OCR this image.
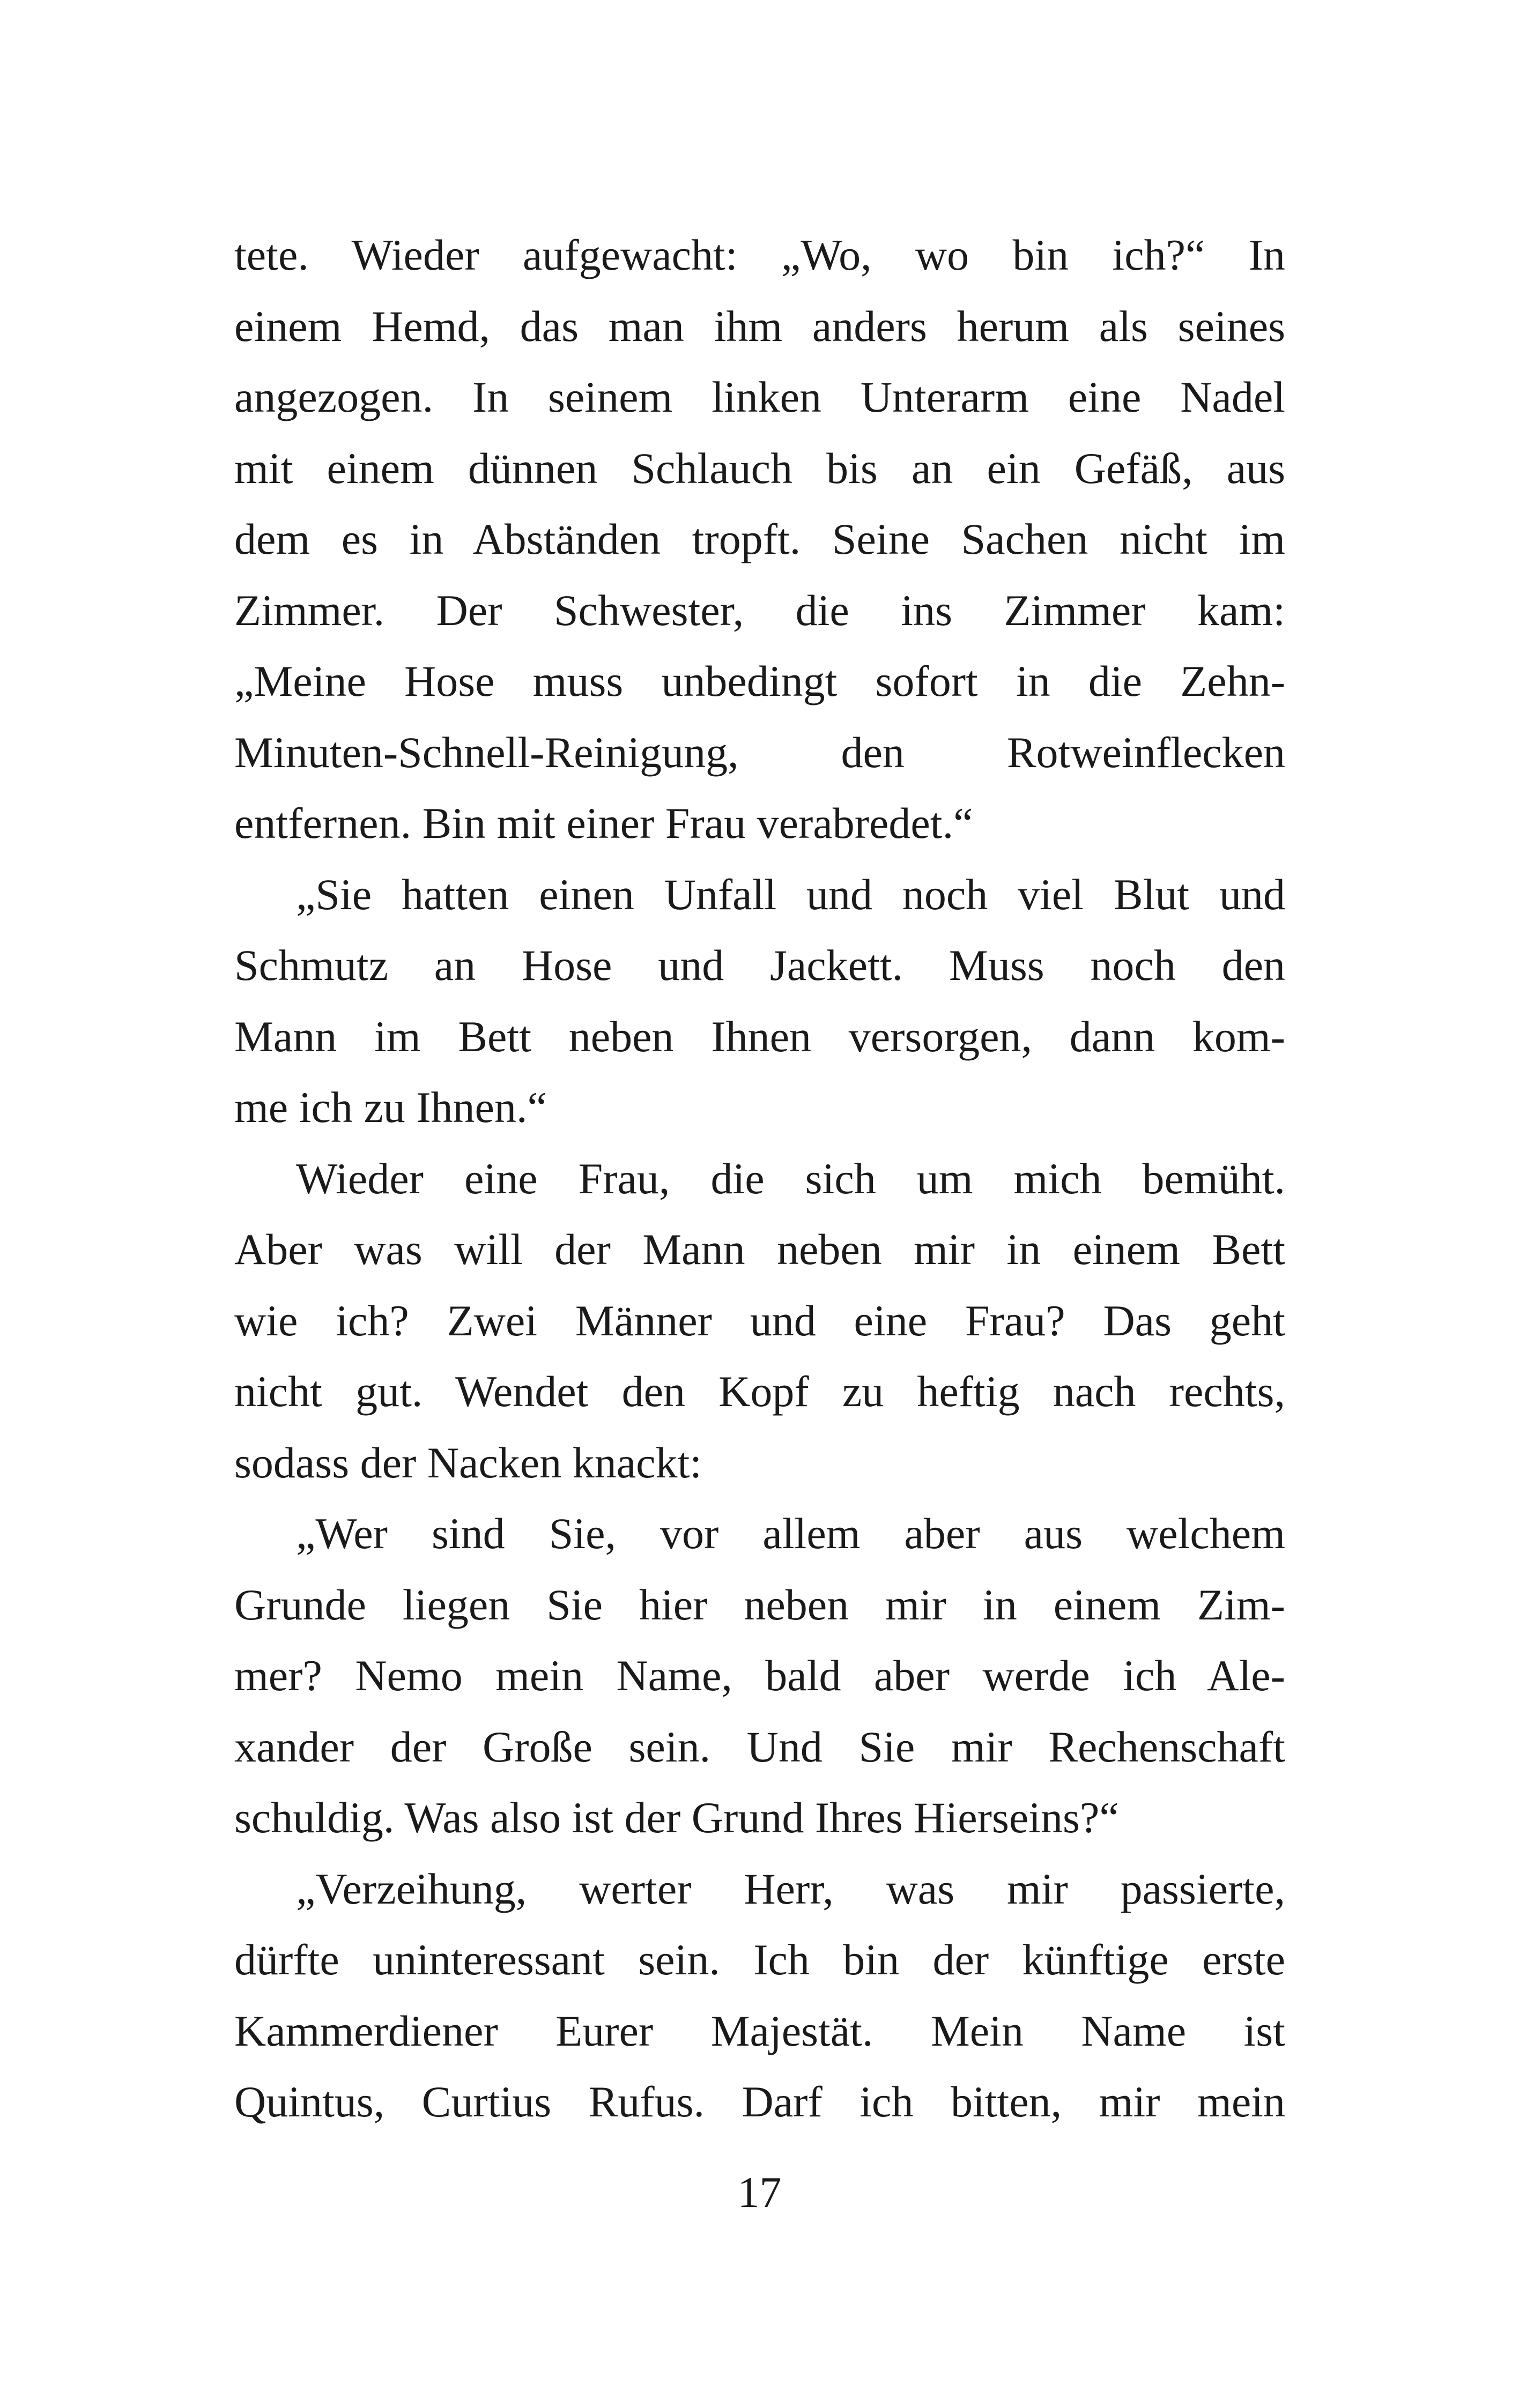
tete. Wieder aufgewacht: „Wo, wo bin ich?“ In
einem Hemd, das man ihm anders herum als seines
angezogen. In seinem linken Unterarm eine Nadel
mit einem dünnen Schlauch bis an ein Gefäß, aus
dem es in Abständen tropft. Seine Sachen nicht im
Zimmer. Der Schwester, die ins Zimmer kam:
„Meine Hose muss unbedingt sofort in die Zehn-
Minuten-Schnell-Reinigung, den Rotweinflecken
entfernen. Bin mit einer Frau verabredet.“
„Sie hatten einen Unfall und noch viel Blut und
Schmutz an Hose und Jackett. Muss noch den
Mann im Bett neben Ihnen versorgen, dann kom-
me ich zu Ihnen.“
Wieder eine Frau, die sich um mich bemüht.
Aber was will der Mann neben mir in einem Bett
wie ich? Zwei Männer und eine Frau? Das geht
nicht gut. Wendet den Kopf zu heftig nach rechts,
sodass der Nacken knackt:
„Wer sind Sie, vor allem aber aus welchem
Grunde liegen Sie hier neben mir in einem Zim-
mer? Nemo mein Name, bald aber werde ich Ale-
xander der Große sein. Und Sie mir Rechenschaft
schuldig. Was also ist der Grund Ihres Hierseins?“
„Verzeihung, werter Herr, was mir passierte,
dürfte uninteressant sein. Ich bin der künftige erste
Kammerdiener Eurer Majestät. Mein Name ist
Quintus, Curtius Rufus. Darf ich bitten, mir mein
17
